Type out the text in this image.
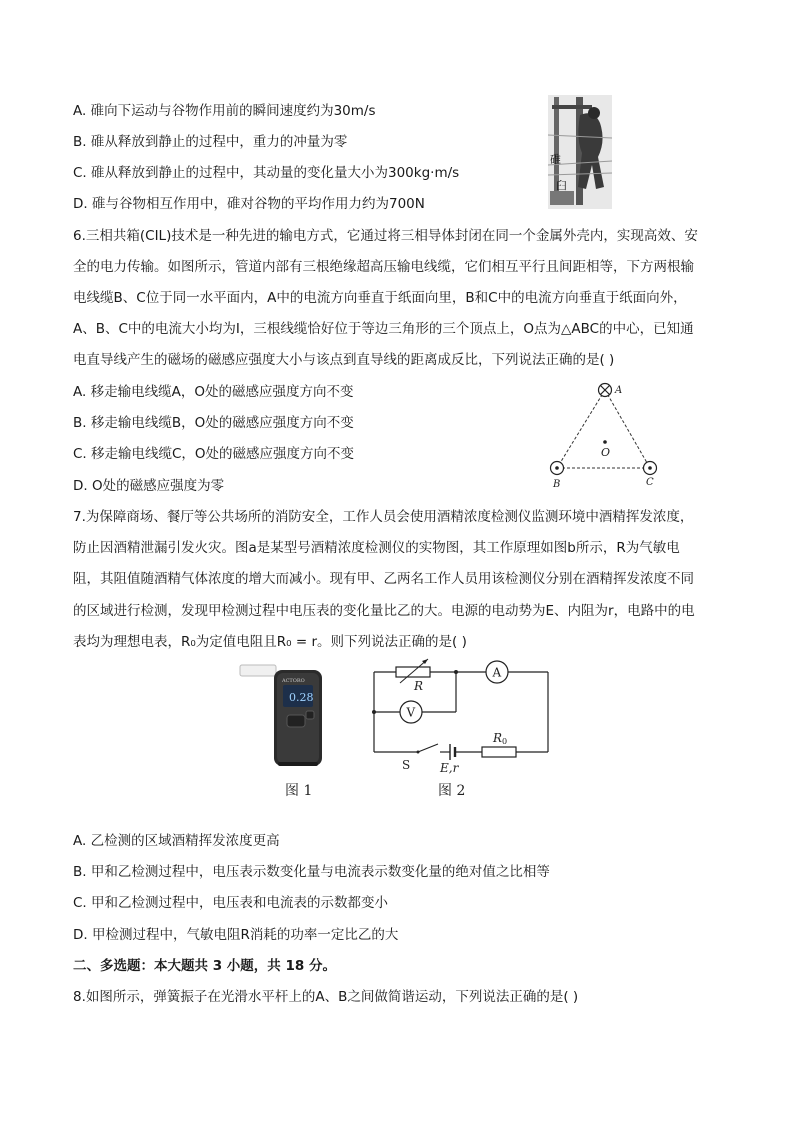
A. 碓向下运动与谷物作用前的瞬间速度约为30m/s
B. 碓从释放到静止的过程中，重力的冲量为零
C. 碓从释放到静止的过程中，其动量的变化量大小为300kg·m/s
D. 碓与谷物相互作用中，碓对谷物的平均作用力约为700N
碓
臼
6.三相共箱(CIL)技术是一种先进的输电方式，它通过将三相导体封闭在同一个金属外壳内，实现高效、安
全的电力传输。如图所示，管道内部有三根绝缘超高压输电线缆，它们相互平行且间距相等，下方两根输
电线缆B、C位于同一水平面内，A中的电流方向垂直于纸面向里，B和C中的电流方向垂直于纸面向外，
A、B、C中的电流大小均为I，三根线缆恰好位于等边三角形的三个顶点上，O点为△ABC的中心，已知通
电直导线产生的磁场的磁感应强度大小与该点到直导线的距离成反比，下列说法正确的是( )
A. 移走输电线缆A，O处的磁感应强度方向不变
B. 移走输电线缆B，O处的磁感应强度方向不变
C. 移走输电线缆C，O处的磁感应强度方向不变
D. O处的磁感应强度为零
A
B	C
O
7.为保障商场、餐厅等公共场所的消防安全，工作人员会使用酒精浓度检测仪监测环境中酒精挥发浓度，
防止因酒精泄漏引发火灾。图a是某型号酒精浓度检测仪的实物图，其工作原理如图b所示，R为气敏电
阻，其阻值随酒精气体浓度的增大而减小。现有甲、乙两名工作人员用该检测仪分别在酒精挥发浓度不同
的区域进行检测，发现甲检测过程中电压表的变化量比乙的大。电源的电动势为E、内阻为r，电路中的电
表均为理想电表，R₀为定值电阻且R₀ = r。则下列说法正确的是( )
ACTORO
0.28
图 1
R
A
V
S E,r
R 0
图 2
A. 乙检测的区域酒精挥发浓度更高
B. 甲和乙检测过程中，电压表示数变化量与电流表示数变化量的绝对值之比相等
C. 甲和乙检测过程中，电压表和电流表的示数都变小
D. 甲检测过程中，气敏电阻R消耗的功率一定比乙的大
二、多选题：本大题共 3 小题，共 18 分。
8.如图所示，弹簧振子在光滑水平杆上的A、B之间做简谐运动，下列说法正确的是( )
